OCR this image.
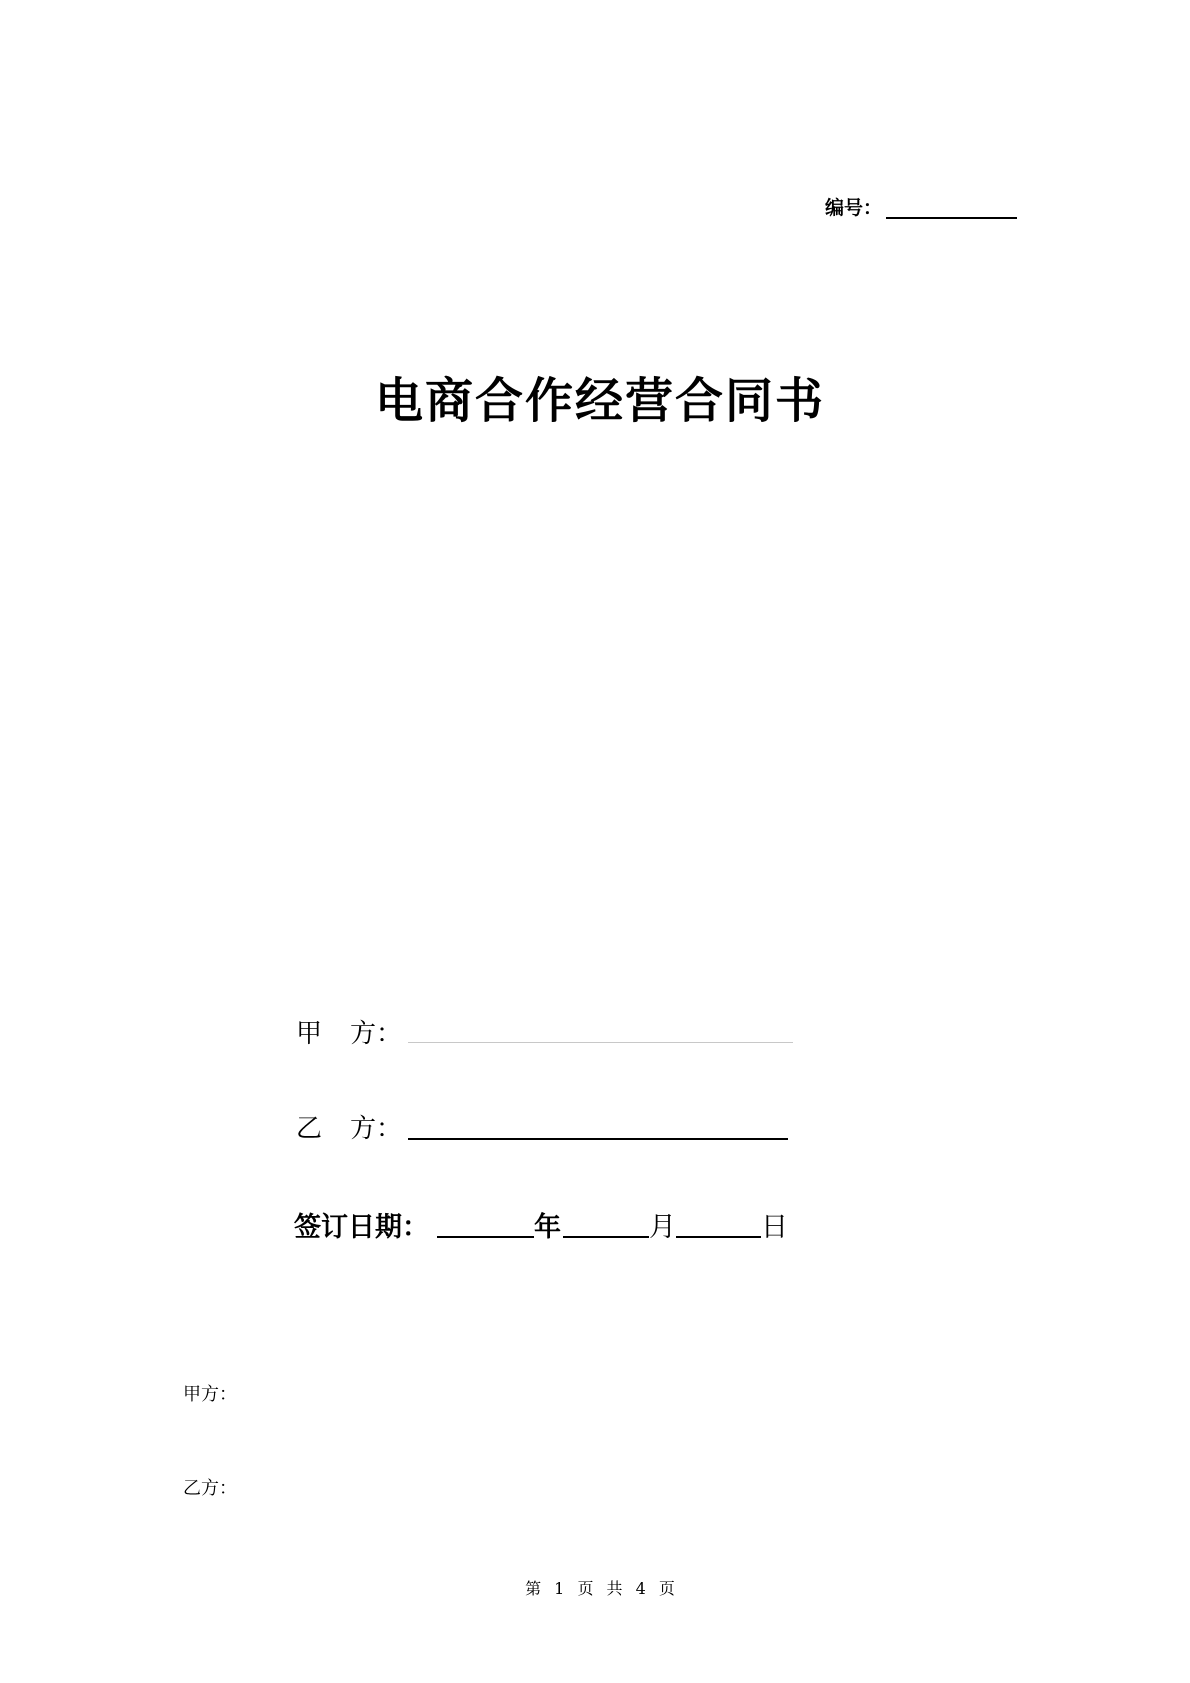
编号：
电商合作经营合同书
甲 方：
乙 方：
签订日期：	年	月	日
甲方：
乙方：
第 1 页 共 4 页
